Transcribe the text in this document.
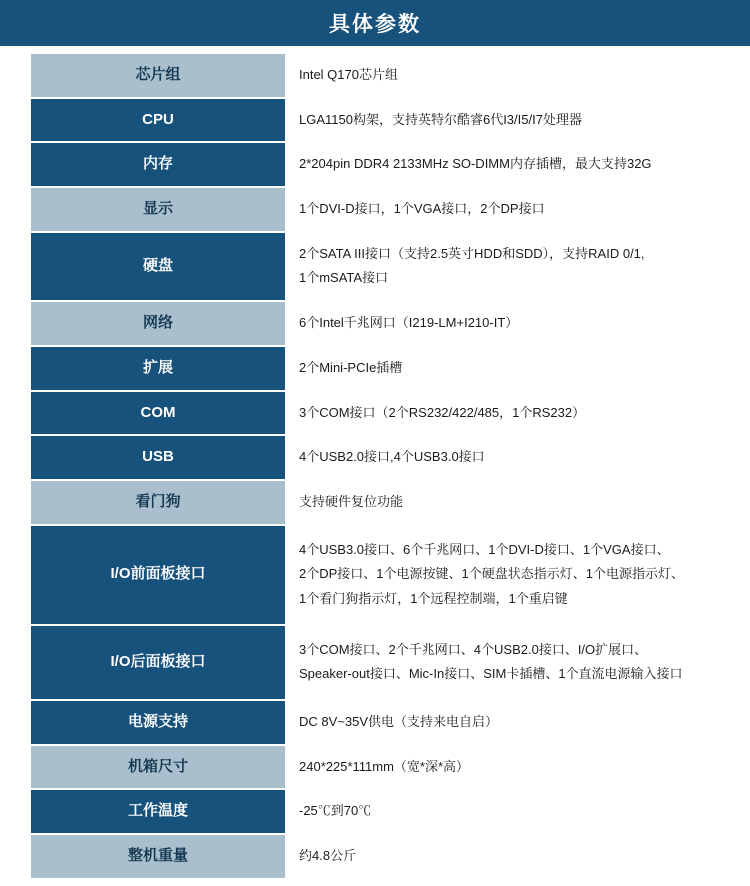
具体参数
芯片组	Intel Q170芯片组

CPU	LGA1150构架，支持英特尔酷睿6代I3/I5/I7处理器

内存	2*204pin DDR4 2133MHz SO-DIMM内存插槽，最大支持32G

显示	1个DVI-D接口，1个VGA接口，2个DP接口

硬盘	2个SATA III接口（支持2.5英寸HDD和SDD），支持RAID 0/1,
1个mSATA接口

网络	6个Intel千兆网口（I219-LM+I210-IT）

扩展	2个Mini-PCIe插槽

COM	3个COM接口（2个RS232/422/485，1个RS232）

USB	4个USB2.0接口,4个USB3.0接口

看门狗	支持硬件复位功能

I/O前面板接口	4个USB3.0接口、6个千兆网口、1个DVI-D接口、1个VGA接口、
2个DP接口、1个电源按键、1个硬盘状态指示灯、1个电源指示灯、
1个看门狗指示灯，1个远程控制端，1个重启键

I/O后面板接口	3个COM接口、2个千兆网口、4个USB2.0接口、I/O扩展口、
Speaker-out接口、Mic-In接口、SIM卡插槽、1个直流电源输入接口

电源支持	DC 8V~35V供电（支持来电自启）

机箱尺寸	240*225*111mm（宽*深*高）

工作温度	-25℃到70℃

整机重量	约4.8公斤
